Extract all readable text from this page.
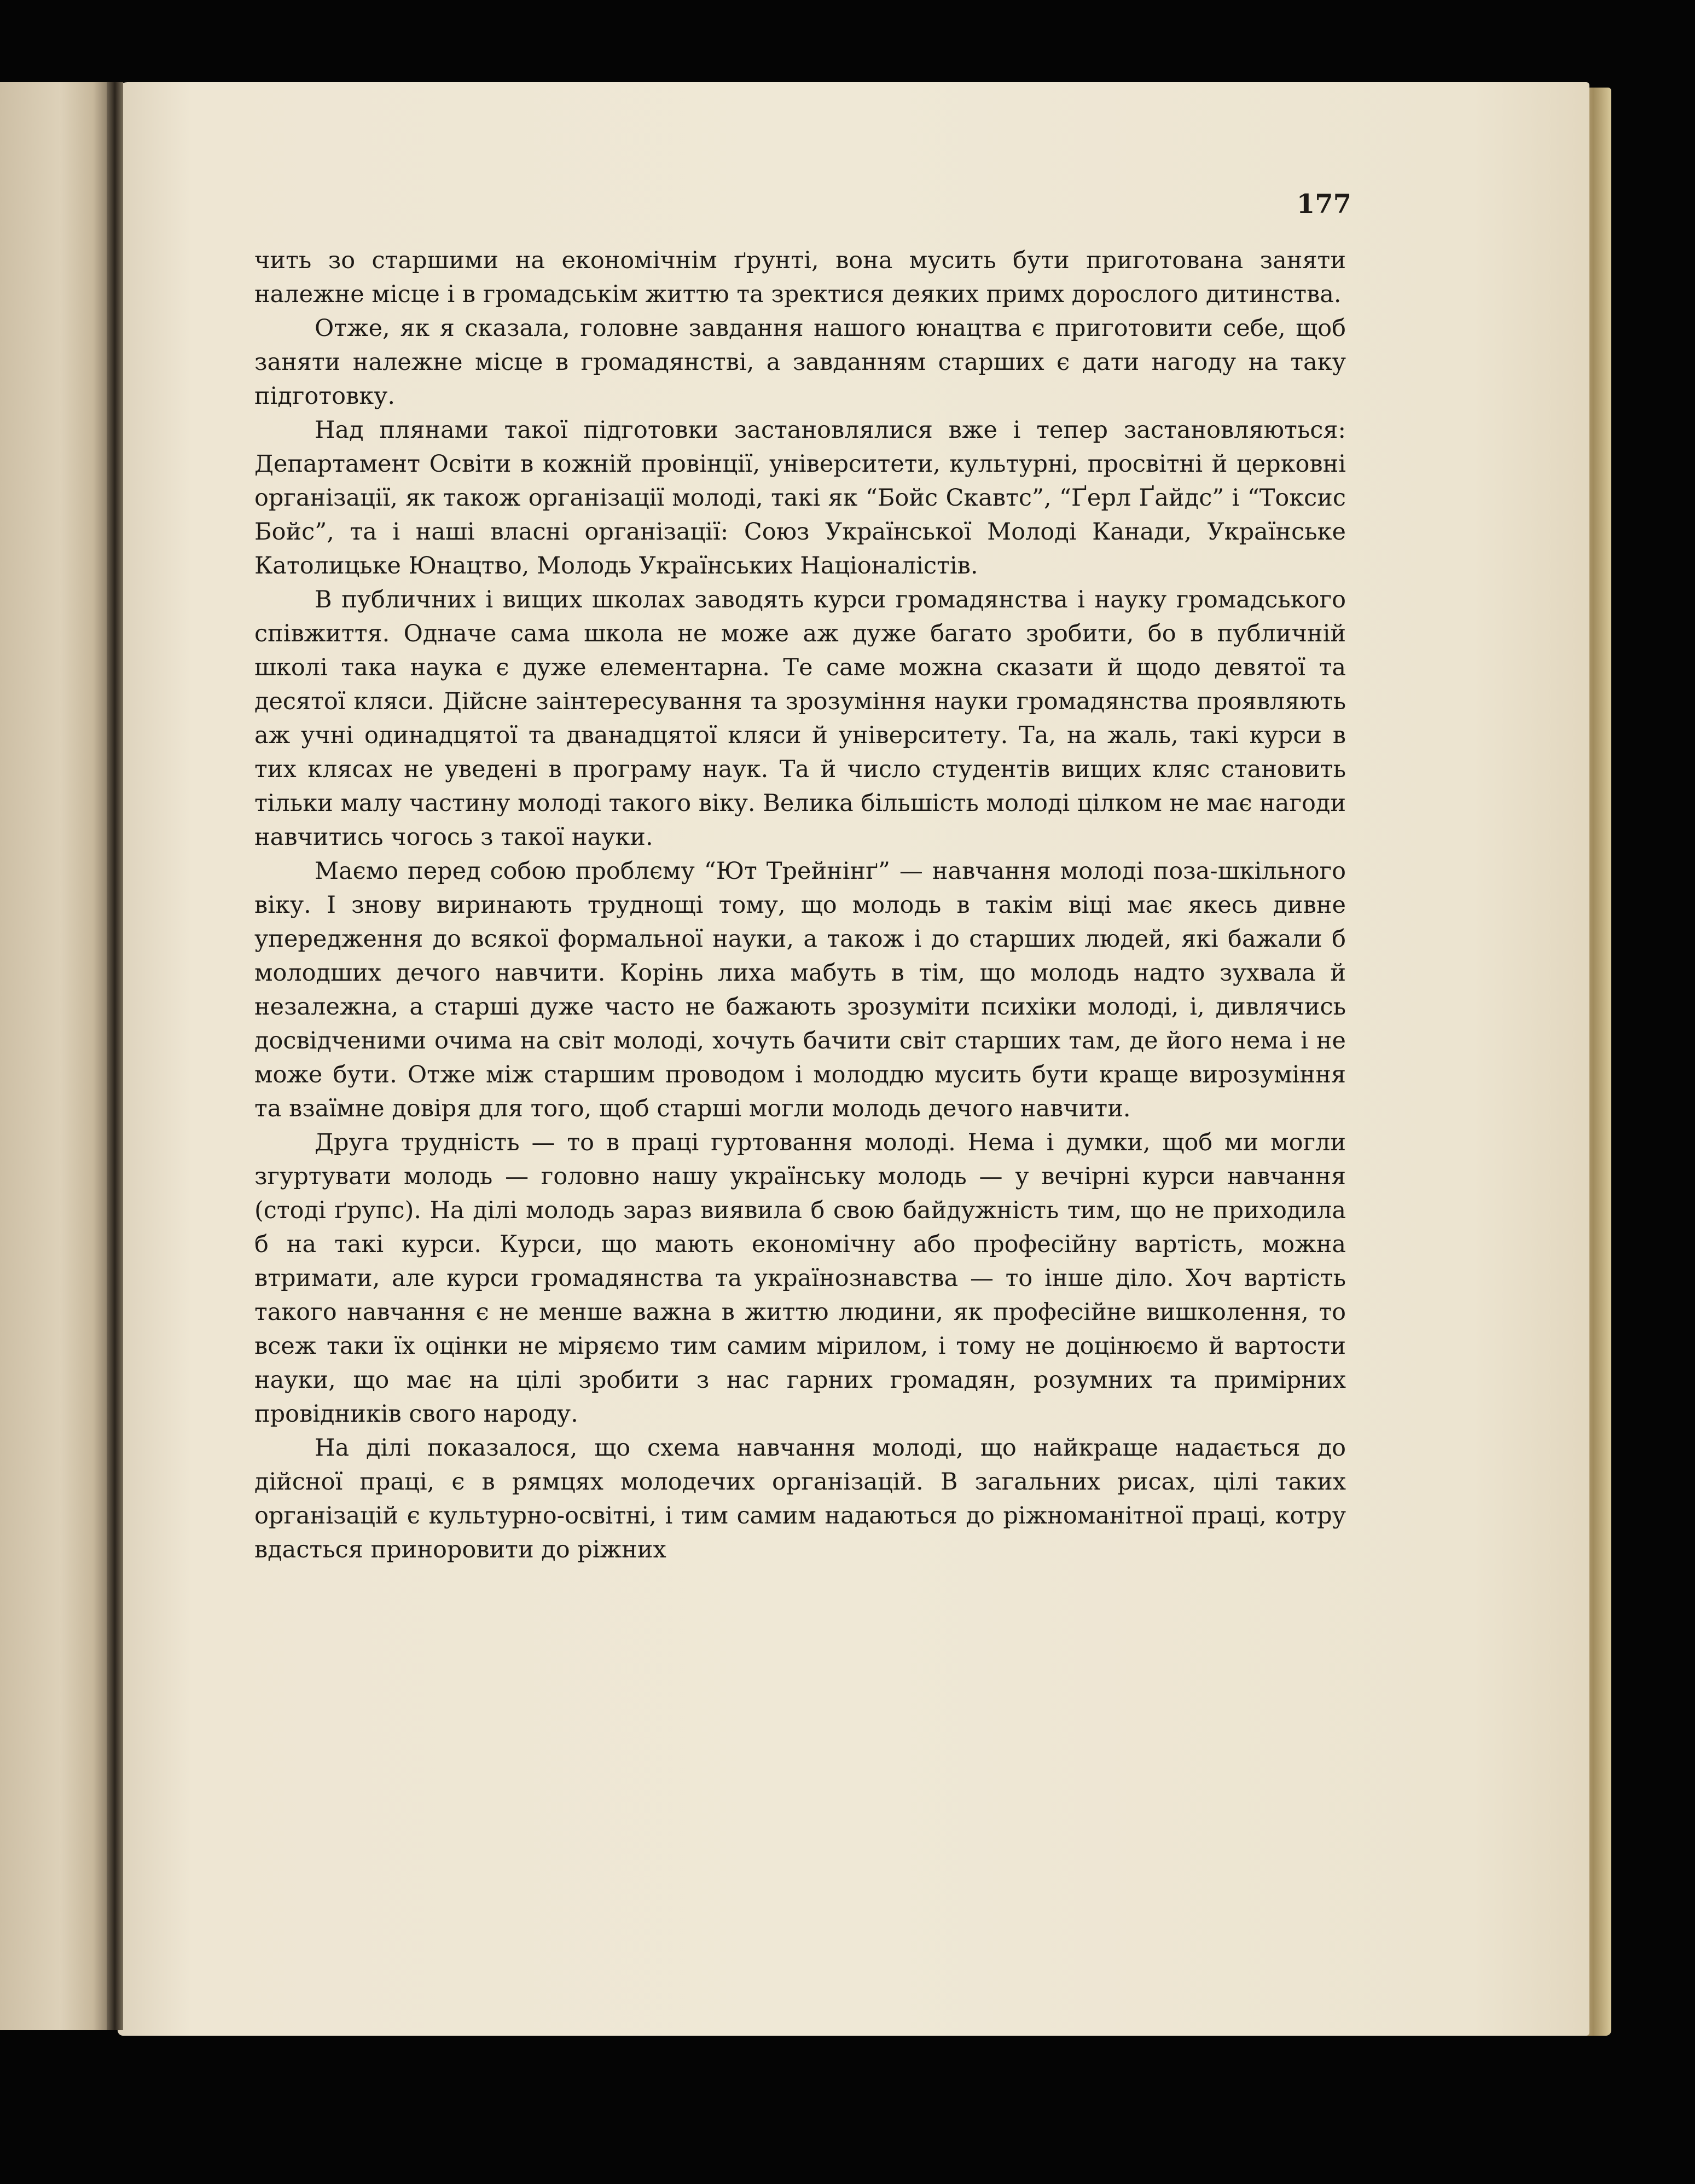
177

чить зо старшими на економічнім ґрунті, вона мусить бути приготована заняти належне місце і в громадськім життю та зректися деяких примх дорослого дитинства.

Отже, як я сказала, головне завдання нашого юнацтва є приготовити себе, щоб заняти належне місце в громадянстві, а завданням старших є дати нагоду на таку підготовку.

Над плянами такої підготовки застановлялися вже і тепер застановляються: Департамент Освіти в кожній провінції, університети, культурні, просвітні й церковні організації, як також організації молоді, такі як “Бойс Скавтс”, “Ґерл Ґайдс” і “Токсис Бойс”, та і наші власні організації: Союз Української Молоді Канади, Українське Католицьке Юнацтво, Молодь Українських Націоналістів.

В публичних і вищих школах заводять курси громадянства і науку громадського співжиття. Одначе сама школа не може аж дуже багато зробити, бо в публичній школі така наука є дуже елементарна. Те саме можна сказати й щодо девятої та десятої кляси. Дійсне заінтересування та зрозуміння науки громадянства проявляють аж учні одинадцятої та дванадцятої кляси й університету. Та, на жаль, такі курси в тих клясах не уведені в програму наук. Та й число студентів вищих кляс становить тільки малу частину молоді такого віку. Велика більшість молоді цілком не має нагоди навчитись чогось з такої науки.

Маємо перед собою проблєму “Ют Трейнінґ” — навчання молоді поза-шкільного віку. І знову виринають труднощі тому, що молодь в такім віці має якесь дивне упередження до всякої формальної науки, а також і до старших людей, які бажали б молодших дечого навчити. Корінь лиха мабуть в тім, що молодь надто зухвала й незалежна, а старші дуже часто не бажають зрозуміти психіки молоді, і, дивлячись досвідченими очима на світ молоді, хочуть бачити світ старших там, де його нема і не може бути. Отже між старшим проводом і молоддю мусить бути краще вирозуміння та взаїмне довіря для того, щоб старші могли молодь дечого навчити.

Друга трудність — то в праці гуртовання молоді. Нема і думки, щоб ми могли згуртувати молодь — головно нашу українську молодь — у вечірні курси навчання (стоді ґрупс). На ділі молодь зараз виявила б свою байдужність тим, що не приходила б на такі курси. Курси, що мають економічну або професійну вартість, можна втримати, але курси громадянства та українознавства — то інше діло. Хоч вартість такого навчання є не менше важна в життю людини, як професійне вишколення, то всеж таки їх оцінки не міряємо тим самим мірилом, і тому не доцінюємо й вартости науки, що має на цілі зробити з нас гарних громадян, розумних та примірних провідників свого народу.

На ділі показалося, що схема навчання молоді, що найкраще надається до дійсної праці, є в рямцях молодечих організацій. В загальних рисах, цілі таких організацій є культурно-освітні, і тим самим надаються до ріжноманітної праці, котру вдасться принорoвити до ріжних
